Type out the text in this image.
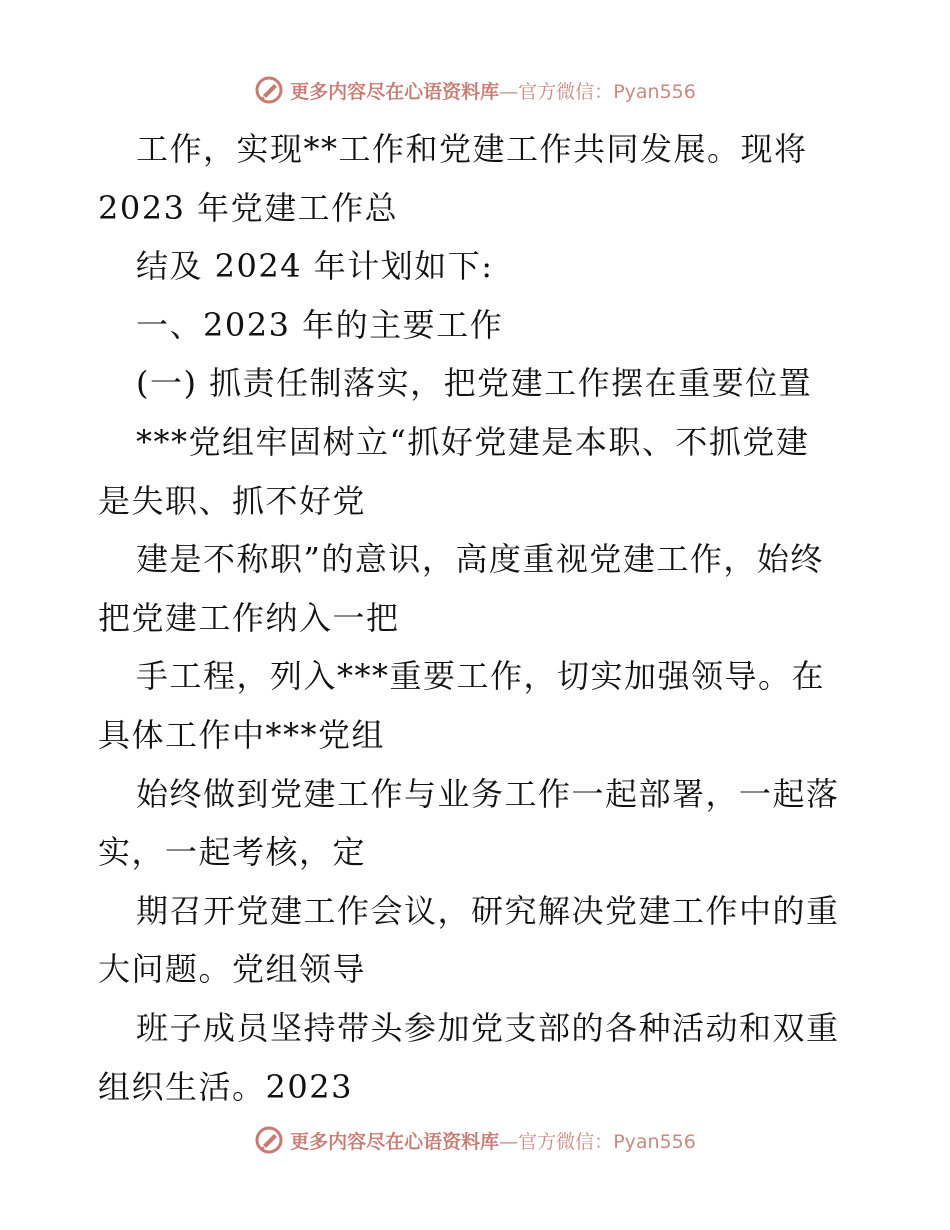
更多内容尽在心语资料库—官方微信：Pyan556
工作，实现**工作和党建工作共同发展。现将
2023 年党建工作总
结及 2024 年计划如下:
一、2023 年的主要工作
(一) 抓责任制落实，把党建工作摆在重要位置
***党组牢固树立“抓好党建是本职、不抓党建
是失职、抓不好党
建是不称职”的意识，高度重视党建工作，始终
把党建工作纳入一把
手工程，列入***重要工作，切实加强领导。在
具体工作中***党组
始终做到党建工作与业务工作一起部署，一起落
实，一起考核，定
期召开党建工作会议，研究解决党建工作中的重
大问题。党组领导
班子成员坚持带头参加党支部的各种活动和双重
组织生活。2023
更多内容尽在心语资料库—官方微信：Pyan556
